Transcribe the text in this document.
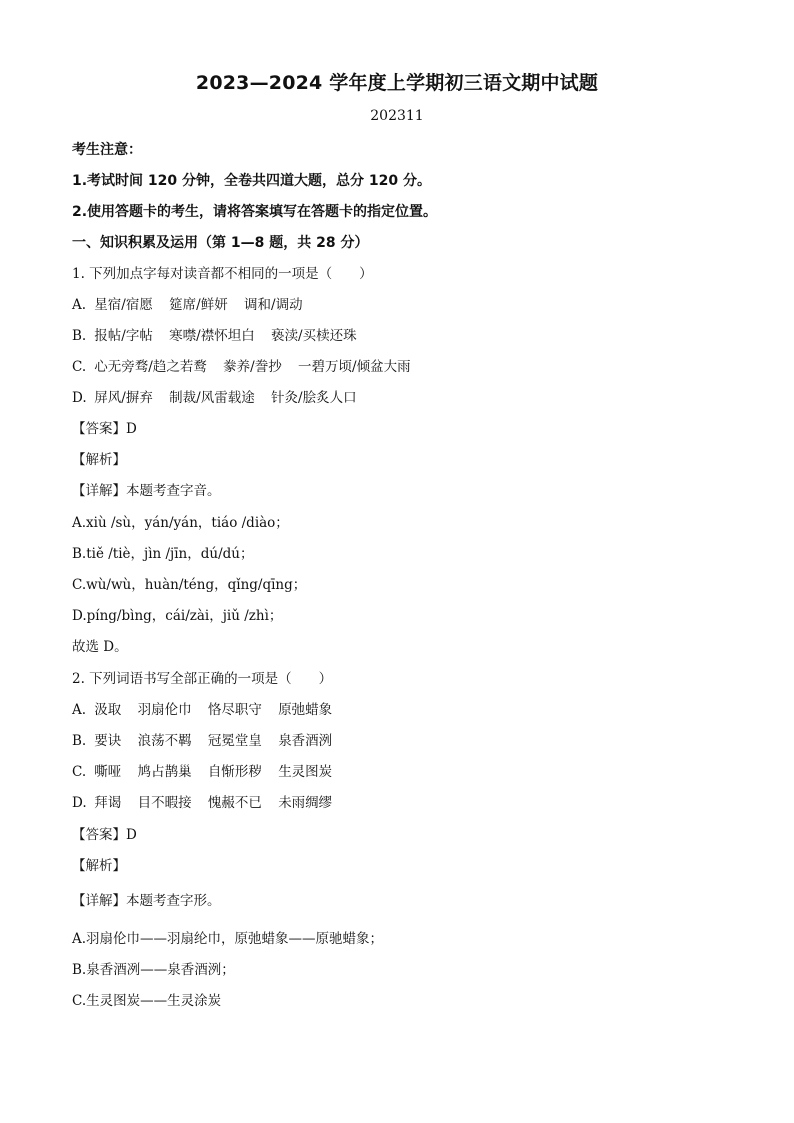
2023—2024 学年度上学期初三语文期中试题
202311
考生注意：
1.考试时间 120 分钟，全卷共四道大题，总分 120 分。
2.使用答题卡的考生，请将答案填写在答题卡的指定位置。
一、知识积累及运用（第 1—8 题，共 28 分）
1. 下列加点字每对读音都不相同的一项是（　　）
A. 星宿/宿愿 筵席/鲜妍 调和/调动
B. 报帖/字帖 寒噤/襟怀坦白 亵渎/买椟还珠
C. 心无旁骛/趋之若鹜 豢养/誊抄 一碧万顷/倾盆大雨
D. 屏风/摒弃 制裁/风雷载途 针灸/脍炙人口
【答案】D
【解析】
【详解】本题考查字音。
A.xiù /sù，yán/yán，tiáo /diào；
B.tiě /tiè，jìn /jīn，dú/dú；
C.wù/wù，huàn/téng，qǐng/qīng；
D.píng/bìng，cái/zài，jiǔ /zhì；
故选 D。
2. 下列词语书写全部正确的一项是（　　）
A. 汲取 羽扇伦巾 恪尽职守 原弛蜡象
B. 要诀 浪荡不羁 冠冕堂皇 泉香酒洌
C. 嘶哑 鸠占鹊巢 自惭形秽 生灵图炭
D. 拜谒 目不暇接 愧赧不已 未雨绸缪
【答案】D
【解析】
【详解】本题考查字形。
A.羽扇伦巾——羽扇纶巾，原弛蜡象——原驰蜡象；
B.泉香酒冽——泉香酒洌；
C.生灵图炭——生灵涂炭
